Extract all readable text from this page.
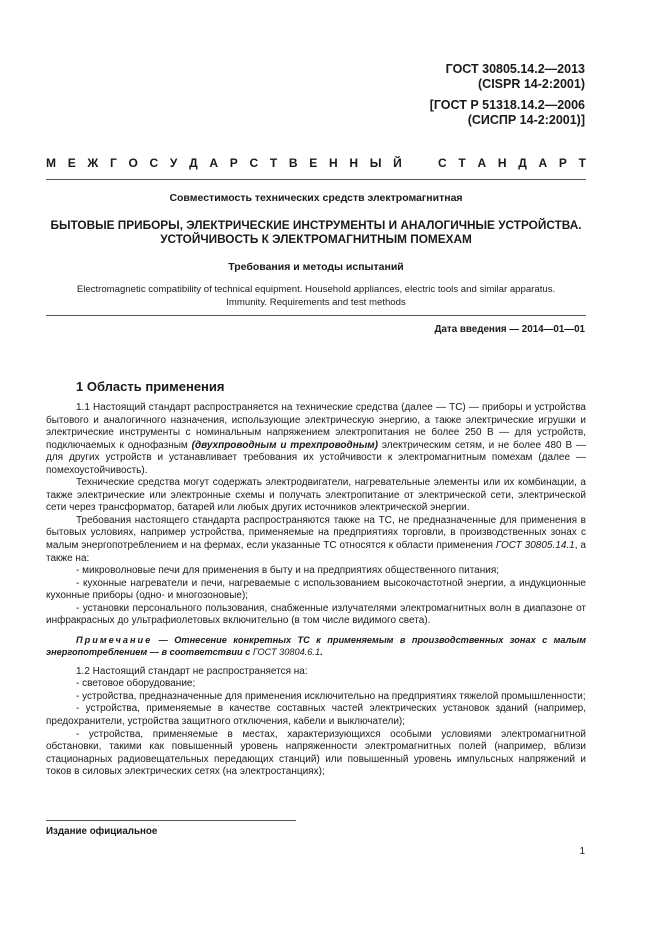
ГОСТ 30805.14.2—2013
(CISPR 14-2:2001)
[ГОСТ Р 51318.14.2—2006
(СИСПР 14-2:2001)]
М Е Ж Г О С У Д А Р С Т В Е Н Н Ы Й	С Т А Н Д А Р Т
Совместимость технических средств электромагнитная
БЫТОВЫЕ ПРИБОРЫ, ЭЛЕКТРИЧЕСКИЕ ИНСТРУМЕНТЫ И АНАЛОГИЧНЫЕ УСТРОЙСТВА.
УСТОЙЧИВОСТЬ К ЭЛЕКТРОМАГНИТНЫМ ПОМЕХАМ
Требования и методы испытаний
Electromagnetic compatibility of technical equipment. Household appliances, electric tools and similar apparatus.
Immunity. Requirements and test methods
Дата введения — 2014—01—01
1 Область применения

1.1 Настоящий стандарт распространяется на технические средства (далее — ТС) — приборы и устройства бытового и аналогичного назначения, использующие электрическую энергию, а также электрические игрушки и электрические инструменты с номинальным напряжением электропитания не более 250 В — для устройств, подключаемых к однофазным (двухпроводным и трехпроводным) электрическим сетям, и не более 480 В — для других устройств и устанавливает требования их устойчивости к электромагнитным помехам (далее — помехоустойчивость).

Технические средства могут содержать электродвигатели, нагревательные элементы или их комбинации, а также электрические или электронные схемы и получать электропитание от электрической сети, электрической сети через трансформатор, батарей или любых других источников электрической энергии.

Требования настоящего стандарта распространяются также на ТС, не предназначенные для применения в бытовых условиях, например устройства, применяемые на предприятиях торговли, в производственных зонах с малым энергопотреблением и на фермах, если указанные ТС относятся к области применения ГОСТ 30805.14.1, а также на:

- микроволновые печи для применения в быту и на предприятиях общественного питания;

- кухонные нагреватели и печи, нагреваемые с использованием высокочастотной энергии, а индукционные кухонные приборы (одно- и многозоновые);

- установки персонального пользования, снабженные излучателями электромагнитных волн в диапазоне от инфракрасных до ультрафиолетовых включительно (в том числе видимого света).

Примечание — Отнесение конкретных ТС к применяемым в производственных зонах с малым энергопотреблением — в соответствии с ГОСТ 30804.6.1.

1.2 Настоящий стандарт не распространяется на:

- световое оборудование;

- устройства, предназначенные для применения исключительно на предприятиях тяжелой промышленности;

- устройства, применяемые в качестве составных частей электрических установок зданий (например, предохранители, устройства защитного отключения, кабели и выключатели);

- устройства, применяемые в местах, характеризующихся особыми условиями электромагнитной обстановки, такими как повышенный уровень напряженности электромагнитных полей (например, вблизи стационарных радиовещательных передающих станций) или повышенный уровень импульсных напряжений и токов в силовых электрических сетях (на электростанциях);

Издание официальное
1
